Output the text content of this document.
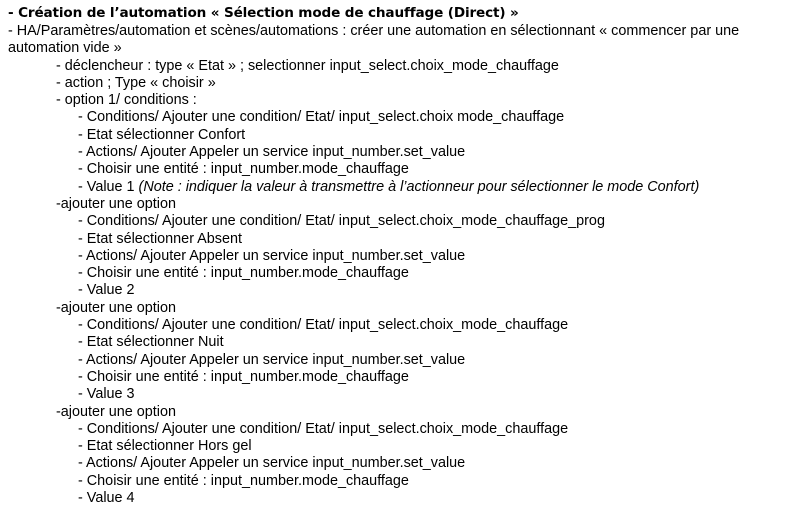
- Création de l’automation « Sélection mode de chauffage (Direct) »
- HA/Paramètres/automation et scènes/automations : créer une automation en sélectionnant « commencer par une automation vide »
- déclencheur : type « Etat » ; selectionner input_select.choix_mode_chauffage
- action ; Type « choisir »
- option 1/ conditions :
- Conditions/ Ajouter une condition/ Etat/ input_select.choix mode_chauffage
- Etat sélectionner Confort
- Actions/ Ajouter Appeler un service input_number.set_value
- Choisir une entité : input_number.mode_chauffage
- Value 1 (Note : indiquer la valeur à transmettre à l’actionneur pour sélectionner le mode Confort)
-ajouter une option
- Conditions/ Ajouter une condition/ Etat/ input_select.choix_mode_chauffage_prog
- Etat sélectionner Absent
- Actions/ Ajouter Appeler un service input_number.set_value
- Choisir une entité : input_number.mode_chauffage
- Value 2
-ajouter une option
- Conditions/ Ajouter une condition/ Etat/ input_select.choix_mode_chauffage
- Etat sélectionner Nuit
- Actions/ Ajouter Appeler un service input_number.set_value
- Choisir une entité : input_number.mode_chauffage
- Value 3
-ajouter une option
- Conditions/ Ajouter une condition/ Etat/ input_select.choix_mode_chauffage
- Etat sélectionner Hors gel
- Actions/ Ajouter Appeler un service input_number.set_value
- Choisir une entité : input_number.mode_chauffage
- Value 4
